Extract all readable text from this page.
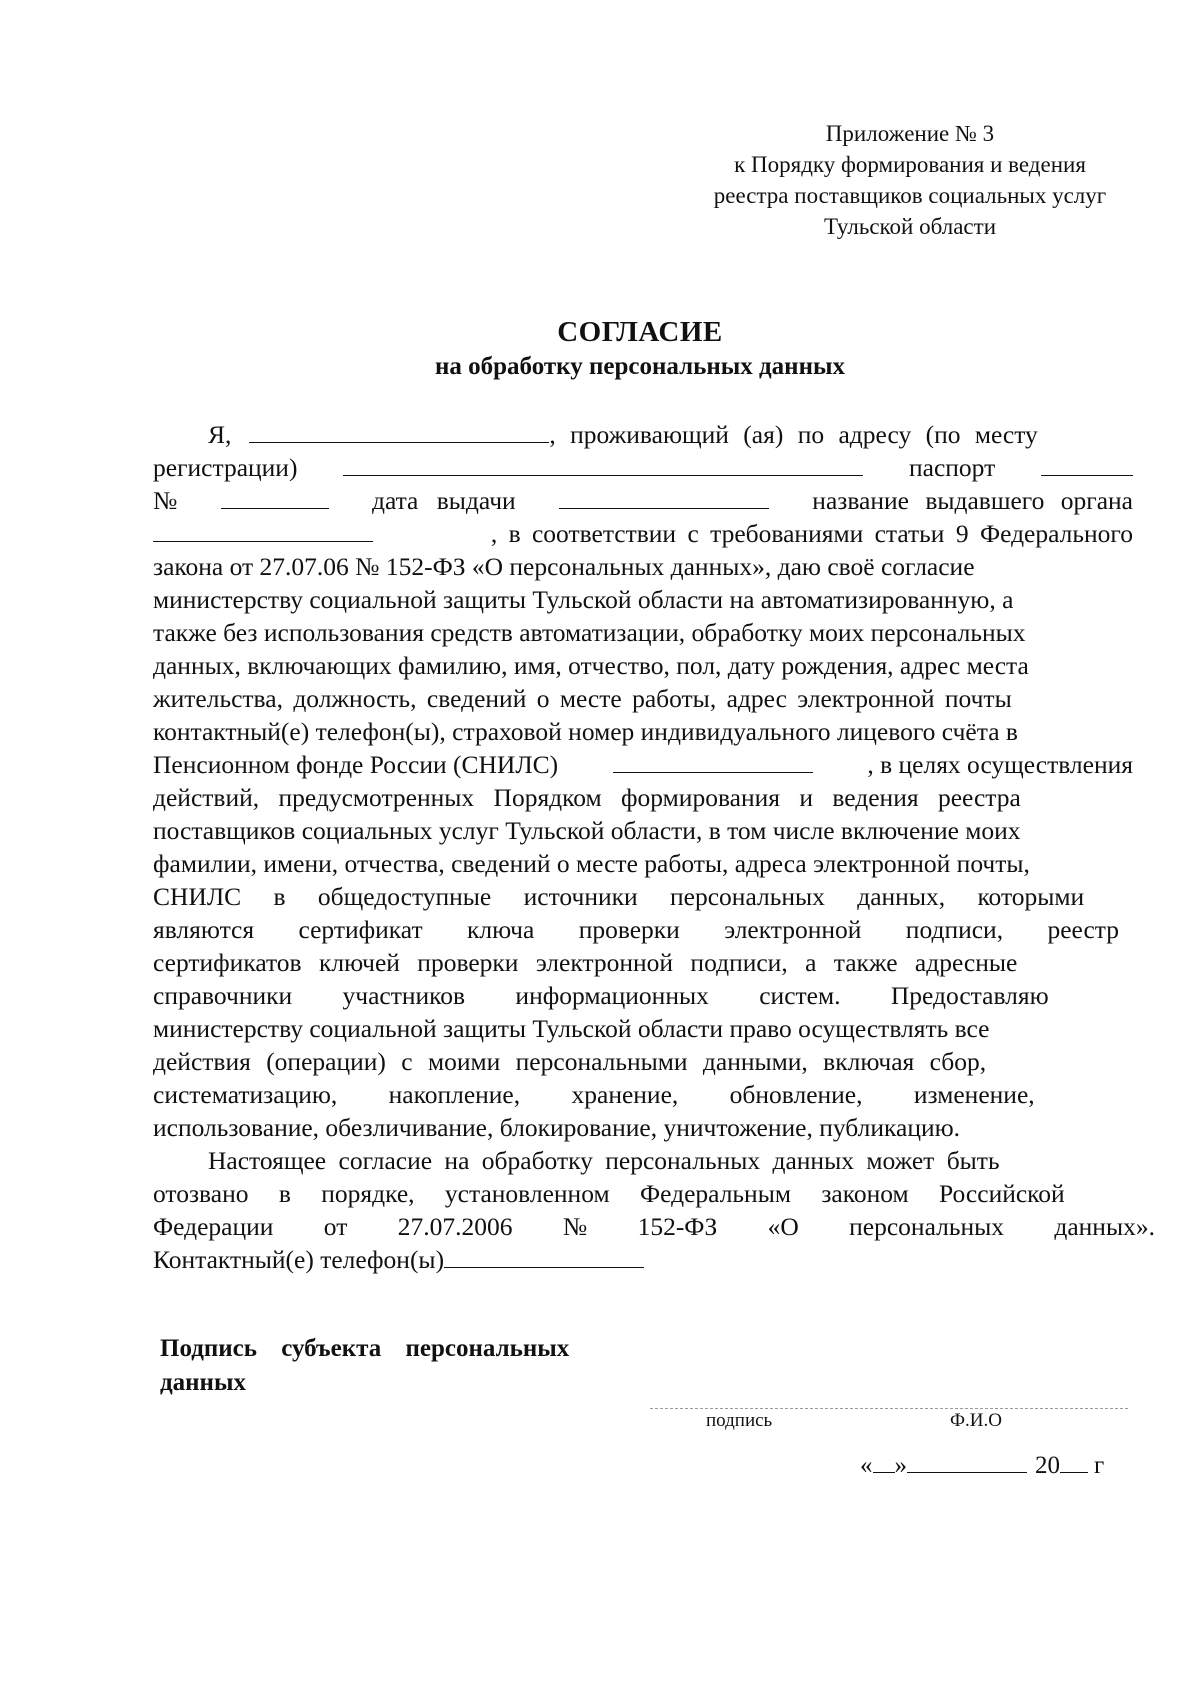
Приложение № 3
к Порядку формирования и ведения
реестра поставщиков социальных услуг
Тульской области
СОГЛАСИЕ
на обработку персональных данных
Я,	, проживающий (ая) по адресу (по месту
регистрации)	паспорт
№	дата выдачи	название выдавшего органа
, в соответствии с требованиями статьи 9 Федерального
закона от 27.07.06 № 152-ФЗ «О персональных данных», даю своё согласие
министерству социальной защиты Тульской области на автоматизированную, а
также без использования средств автоматизации, обработку моих персональных
данных, включающих фамилию, имя, отчество, пол, дату рождения, адрес места
жительства, должность, сведений о месте работы, адрес электронной почты
контактный(е) телефон(ы), страховой номер индивидуального лицевого счёта в
Пенсионном фонде России (СНИЛС)	, в целях осуществления
действий, предусмотренных Порядком формирования и ведения реестра
поставщиков социальных услуг Тульской области, в том числе включение моих
фамилии, имени, отчества, сведений о месте работы, адреса электронной почты,
СНИЛС в общедоступные источники персональных данных, которыми
являются сертификат ключа проверки электронной подписи, реестр
сертификатов ключей проверки электронной подписи, а также адресные
справочники участников информационных систем. Предоставляю
министерству социальной защиты Тульской области право осуществлять все
действия (операции) с моими персональными данными, включая сбор,
систематизацию, накопление, хранение, обновление, изменение,
использование, обезличивание, блокирование, уничтожение, публикацию.
Настоящее согласие на обработку персональных данных может быть
отозвано в порядке, установленном Федеральным законом Российской
Федерации от 27.07.2006 № 152-ФЗ «О персональных данных».
Контактный(е) телефон(ы)
Подпись субъекта персональных
данных
подпись	Ф.И.О
« »	20 г
